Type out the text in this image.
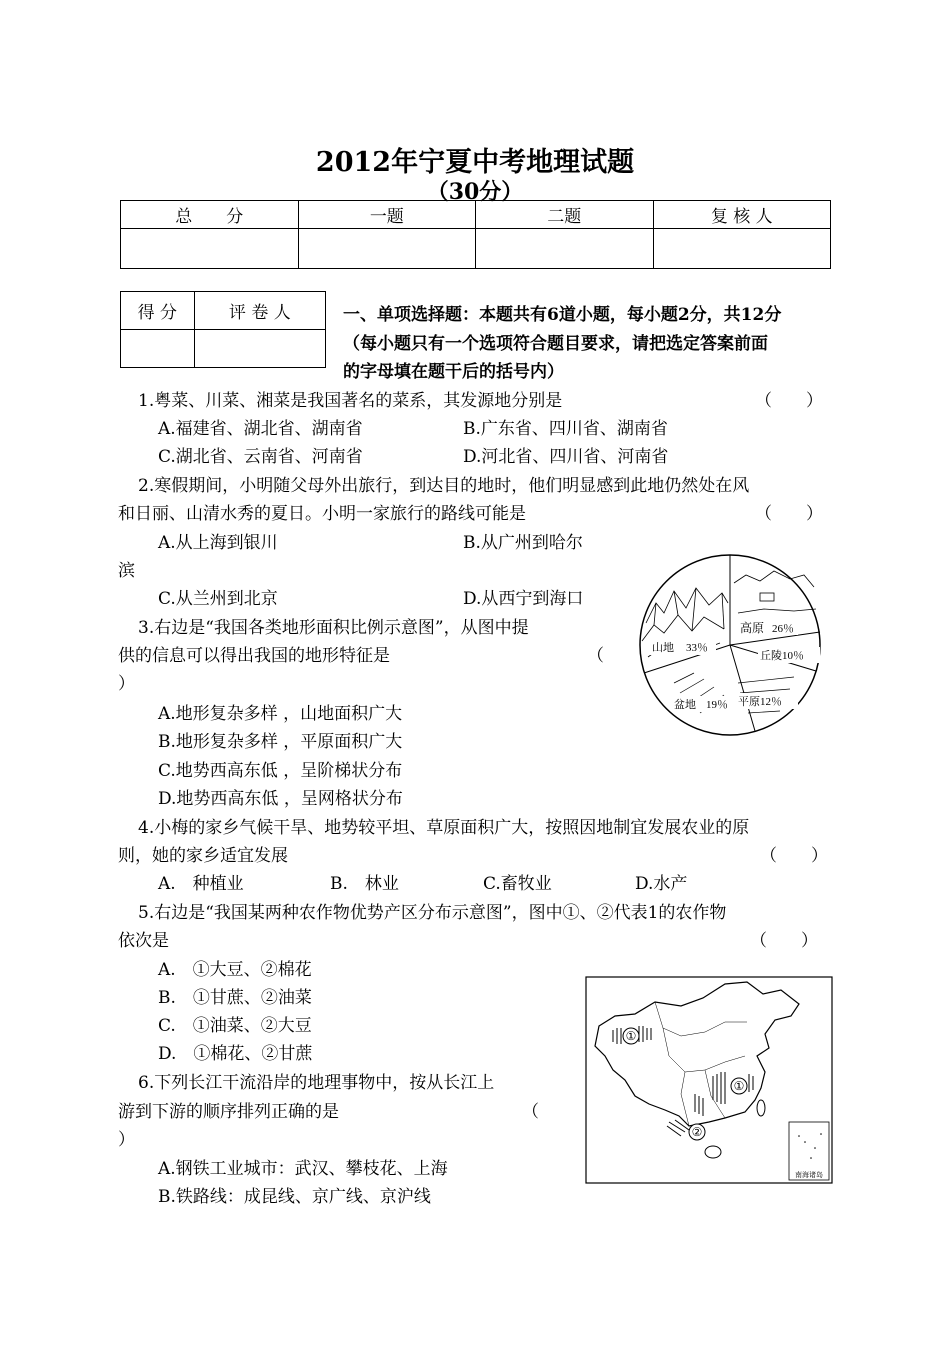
2012年宁夏中考地理试题
（30分）
总　　分	一题	二题	复 核 人

得 分	评 卷 人
		一、单项选择题：本题共有6道小题，每小题2分，共12分
（每小题只有一个选项符合题目要求，请把选定答案前面
的字母填在题干后的括号内）
1.粤菜、川菜、湘菜是我国著名的菜系，其发源地分别是	（　　）
A.福建省、湖北省、湖南省	B.广东省、四川省、湖南省
C.湖北省、云南省、河南省	D.河北省、四川省、河南省
2.寒假期间，小明随父母外出旅行，到达目的地时，他们明显感到此地仍然处在风
和日丽、山清水秀的夏日。小明一家旅行的路线可能是	（　　）
A.从上海到银川	B.从广州到哈尔
滨
C.从兰州到北京	D.从西宁到海口
3.右边是“我国各类地形面积比例示意图”，从图中提
供的信息可以得出我国的地形特征是	（
）
A.地形复杂多样 ，山地面积广大
B.地形复杂多样 ，平原面积广大
C.地势西高东低 ，呈阶梯状分布
D.地势西高东低 ，呈网格状分布
4.小梅的家乡气候干旱、地势较平坦、草原面积广大，按照因地制宜发展农业的原
则，她的家乡适宜发展	（　　）
A.　种植业	B.　林业	C.畜牧业	D.水产
5.右边是“我国某两种农作物优势产区分布示意图”，图中①、②代表1的农作物
依次是	（　　）
A.　①大豆、②棉花
B.　①甘蔗、②油菜
C.　①油菜、②大豆
D.　①棉花、②甘蔗
6.下列长江干流沿岸的地理事物中，按从长江上
游到下游的顺序排列正确的是	（
）
A.钢铁工业城市：武汉、攀枝花、上海
B.铁路线：成昆线、京广线、京沪线
高原 26％
丘陵10％
平原12％
盆地 19％
山地 33％
①
①
②
南海诸岛
